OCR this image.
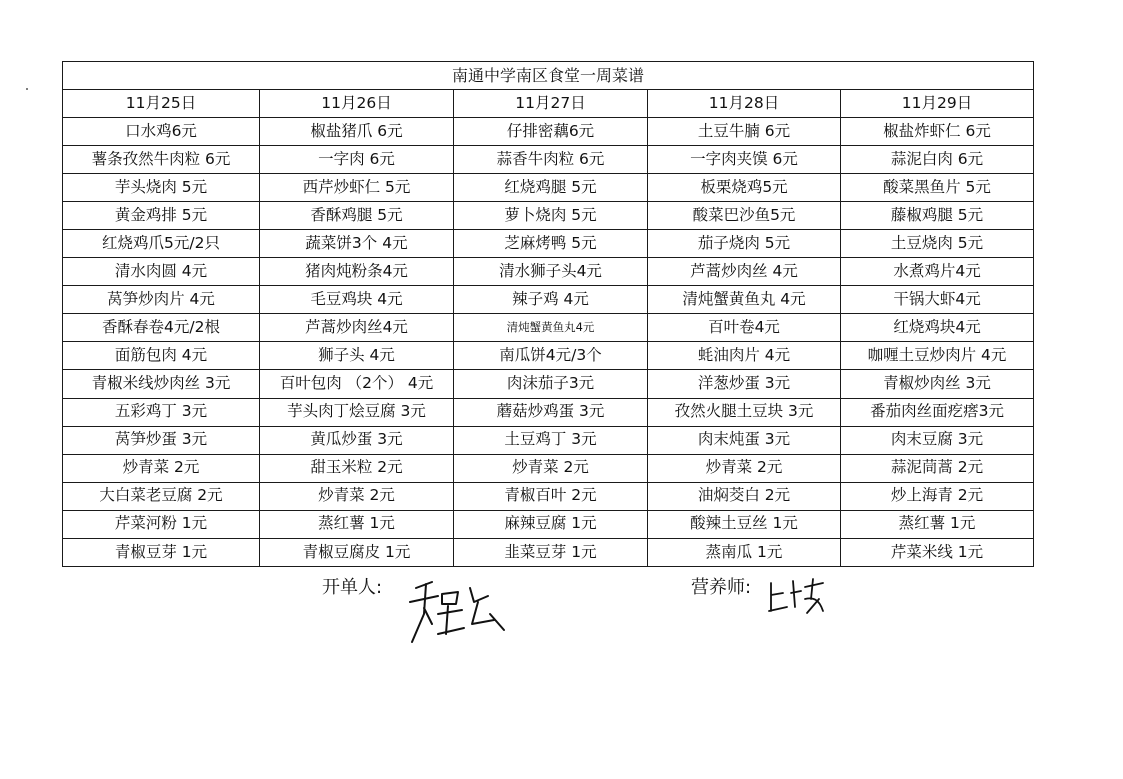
南通中学南区食堂一周菜谱				
11月25日	11月26日	11月27日	11月28日	11月29日
口水鸡6元	椒盐猪爪 6元	仔排密藕6元	土豆牛腩 6元	椒盐炸虾仁 6元
薯条孜然牛肉粒 6元	一字肉 6元	蒜香牛肉粒 6元	一字肉夹馍 6元	蒜泥白肉 6元
芋头烧肉 5元	西芹炒虾仁 5元	红烧鸡腿 5元	板栗烧鸡5元	酸菜黑鱼片 5元
黄金鸡排 5元	香酥鸡腿 5元	萝卜烧肉 5元	酸菜巴沙鱼5元	藤椒鸡腿 5元
红烧鸡爪5元/2只	蔬菜饼3个 4元	芝麻烤鸭 5元	茄子烧肉 5元	土豆烧肉 5元
清水肉圆 4元	猪肉炖粉条4元	清水狮子头4元	芦蒿炒肉丝 4元	水煮鸡片4元
莴笋炒肉片 4元	毛豆鸡块 4元	辣子鸡 4元	清炖蟹黄鱼丸 4元	干锅大虾4元
香酥春卷4元/2根	芦蒿炒肉丝4元	清炖蟹黄鱼丸4元	百叶卷4元	红烧鸡块4元
面筋包肉 4元	狮子头 4元	南瓜饼4元/3个	蚝油肉片 4元	咖喱土豆炒肉片 4元
青椒米线炒肉丝 3元	百叶包肉 （2个） 4元	肉沫茄子3元	洋葱炒蛋 3元	青椒炒肉丝 3元
五彩鸡丁 3元	芋头肉丁烩豆腐 3元	蘑菇炒鸡蛋 3元	孜然火腿土豆块 3元	番茄肉丝面疙瘩3元
莴笋炒蛋 3元	黄瓜炒蛋 3元	土豆鸡丁 3元	肉末炖蛋 3元	肉末豆腐 3元
炒青菜 2元	甜玉米粒 2元	炒青菜 2元	炒青菜 2元	蒜泥茼蒿 2元
大白菜老豆腐 2元	炒青菜 2元	青椒百叶 2元	油焖茭白 2元	炒上海青 2元
芹菜河粉 1元	蒸红薯 1元	麻辣豆腐 1元	酸辣土豆丝 1元	蒸红薯 1元
青椒豆芽 1元	青椒豆腐皮 1元	韭菜豆芽 1元	蒸南瓜 1元	芹菜米线 1元
开单人:	营养师:
